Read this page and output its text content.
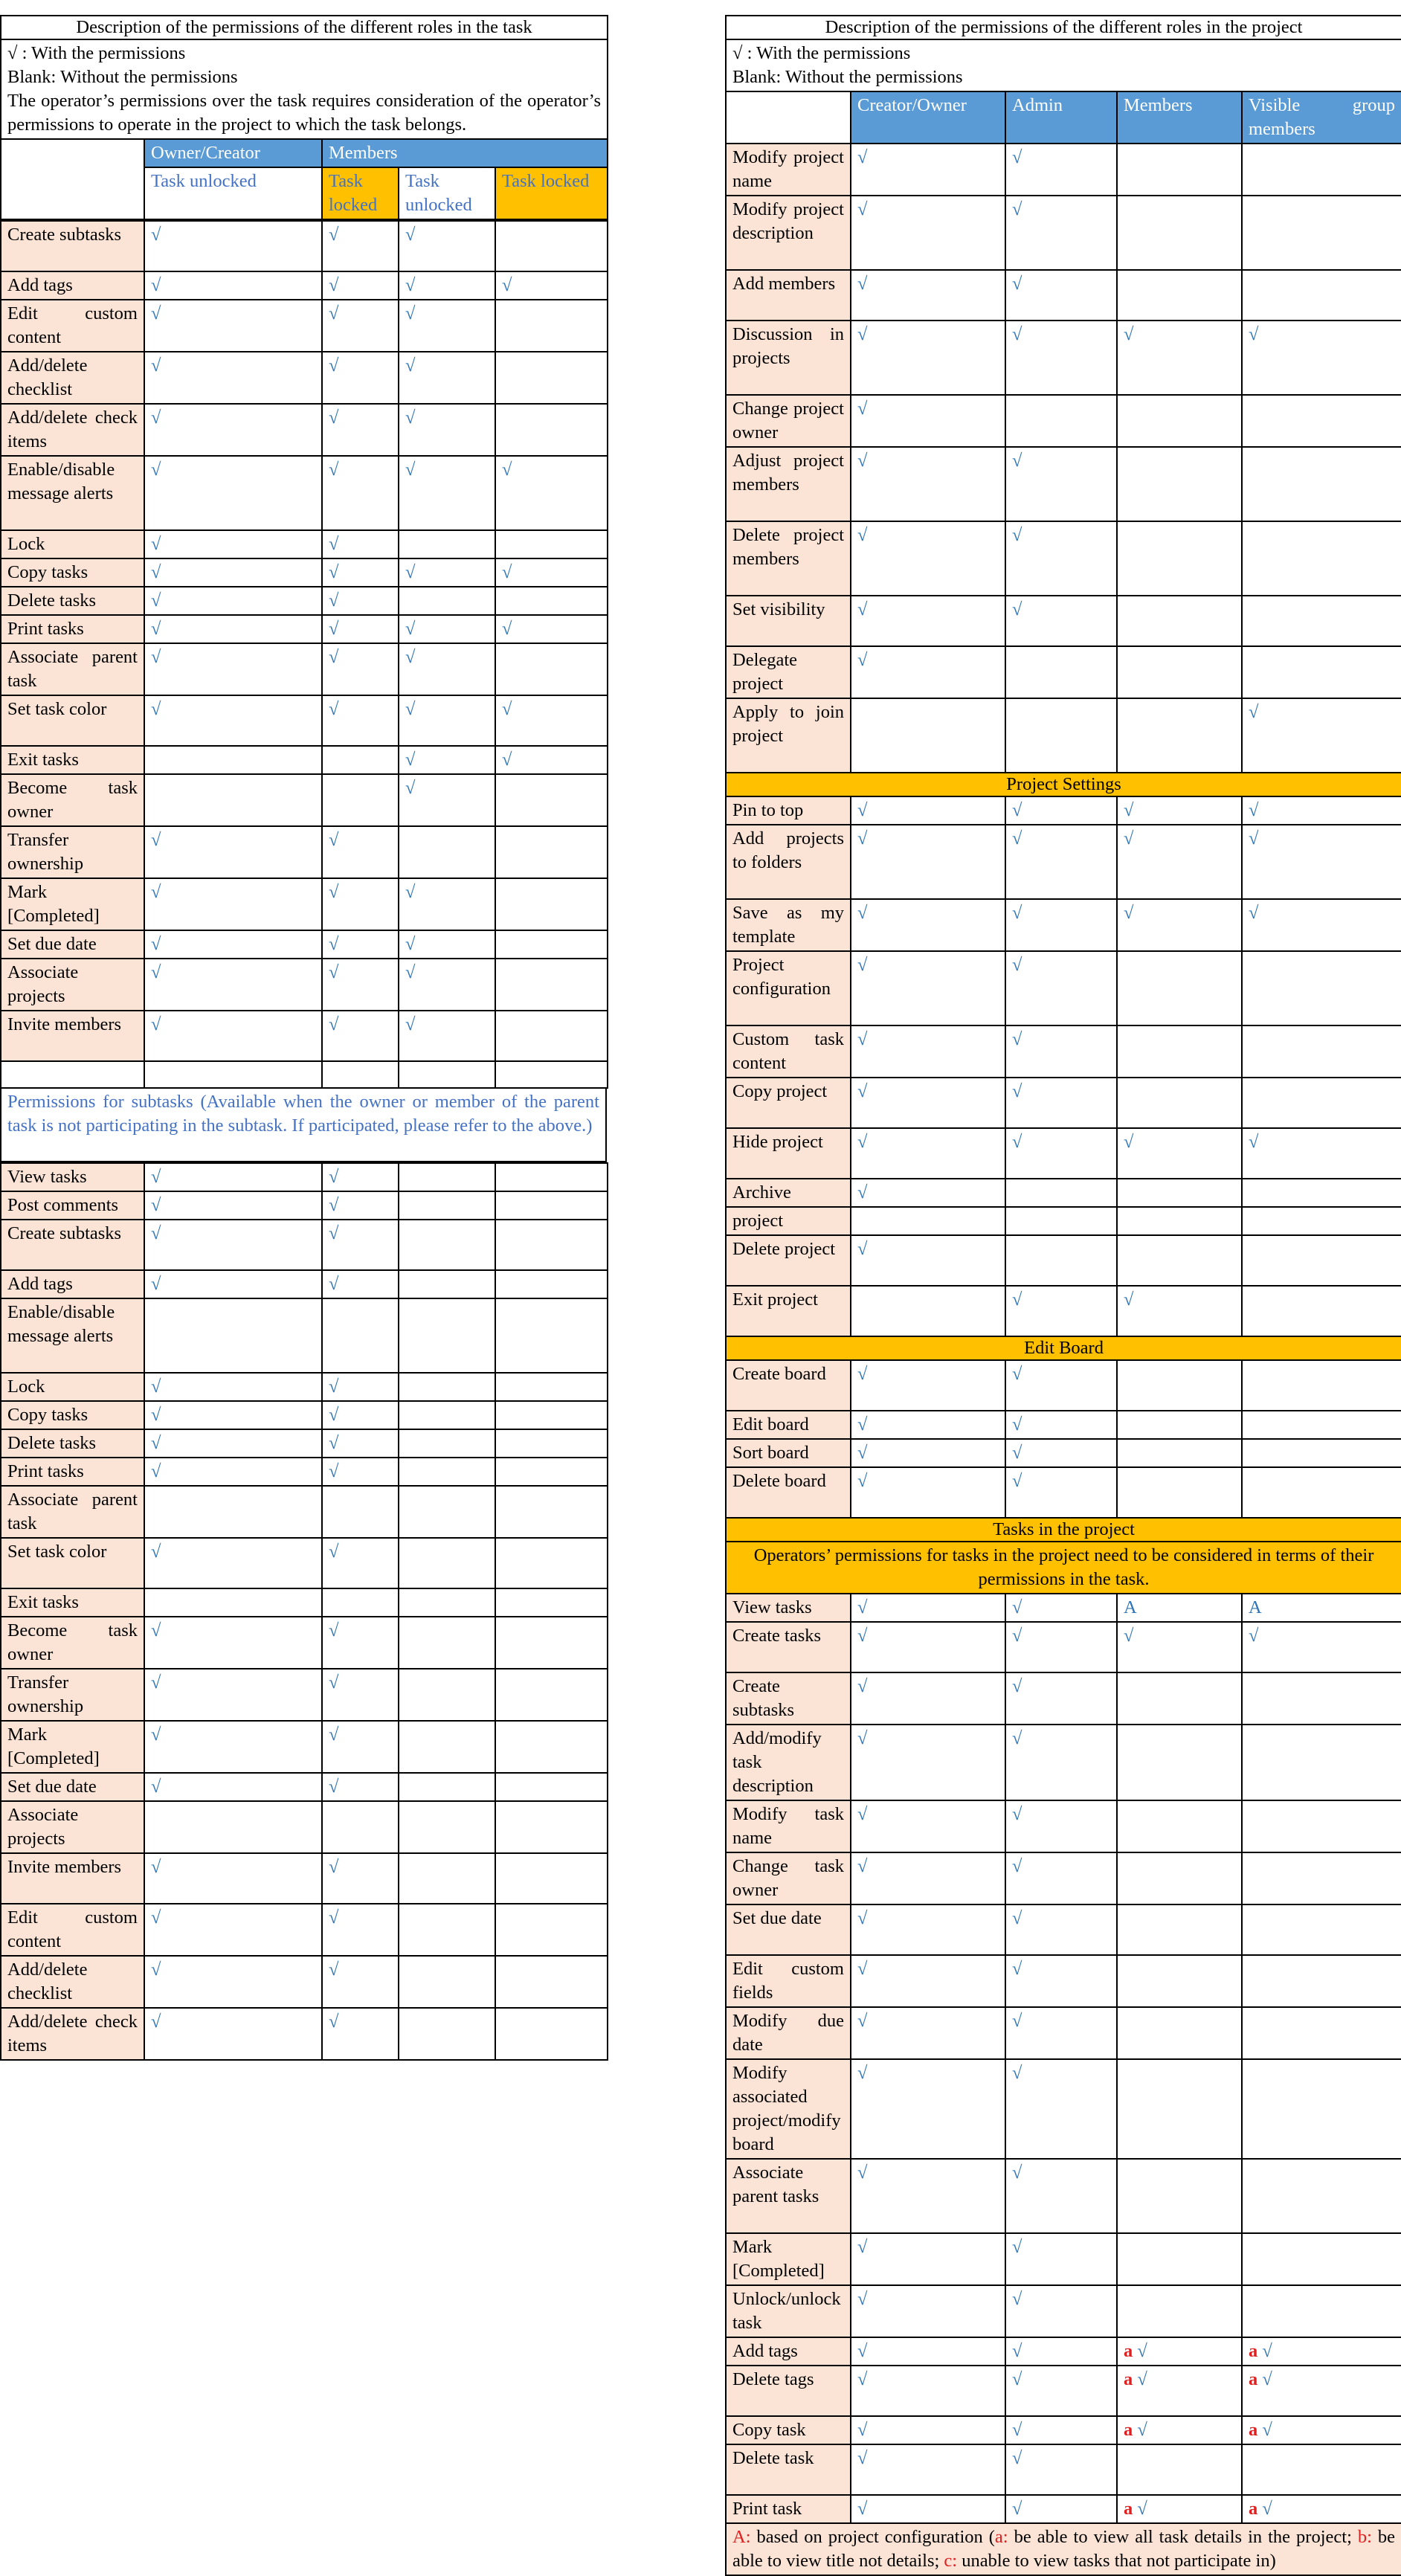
Description of the permissions of the different roles in the task				

√ : With the permissions
Blank: Without the permissions
The operator’s permissions over the task requires consideration of the operator’s permissions to operate in the project to which the task belongs.				

	Owner/Creator	Members		
	Task unlocked	Task locked	Task unlocked	Task locked
Create subtasks	√	√	√	
Add tags	√	√	√	√
Edit custom content	√	√	√	
Add/delete checklist	√	√	√	
Add/delete check items	√	√	√	
Enable/disable message alerts	√	√	√	√
Lock	√	√		
Copy tasks	√	√	√	√
Delete tasks	√	√		
Print tasks	√	√	√	√
Associate parent task	√	√	√	
Set task color	√	√	√	√
Exit tasks			√	√
Become task owner			√	
Transfer ownership	√	√		
Mark [Completed]	√	√	√	
Set due date	√	√	√	
Associate projects	√	√	√	
Invite members	√	√	√	

Permissions for subtasks (Available when the owner or member of the parent task is not participating in the subtask. If participated, please refer to the above.)
View tasks	√	√		
Post comments	√	√		
Create subtasks	√	√		
Add tags	√	√		
Enable/disable message alerts				
Lock	√	√		
Copy tasks	√	√		
Delete tasks	√	√		
Print tasks	√	√		
Associate parent task				
Set task color	√	√		
Exit tasks				
Become task owner	√	√		
Transfer ownership	√	√		
Mark [Completed]	√	√		
Set due date	√	√		
Associate projects				
Invite members	√	√		
Edit custom content	√	√		
Add/delete checklist	√	√		
Add/delete check items	√	√		
Description of the permissions of the different roles in the project				

√ : With the permissions
Blank: Without the permissions				

	Creator/Owner	Admin	Members	Visible group members
Modify project name	√	√		
Modify project description	√	√		
Add members	√	√		
Discussion in projects	√	√	√	√
Change project owner	√			
Adjust project members	√	√		
Delete project members	√	√		
Set visibility	√	√		
Delegate project	√			
Apply to join project				√
Project Settings				
Pin to top	√	√	√	√
Add projects to folders	√	√	√	√
Save as my template	√	√	√	√
Project configuration	√	√		
Custom task content	√	√		
Copy project	√	√		
Hide project	√	√	√	√
Archive	√			
project				
Delete project	√			
Exit project		√	√	
Edit Board				
Create board	√	√		
Edit board	√	√		
Sort board	√	√		
Delete board	√	√		
Tasks in the project				
Operators’ permissions for tasks in the project need to be considered in terms of their permissions in the task.				
View tasks	√	√	A	A
Create tasks	√	√	√	√
Create subtasks	√	√		
Add/modify task description	√	√		
Modify task name	√	√		
Change task owner	√	√		
Set due date	√	√		
Edit custom fields	√	√		
Modify due date	√	√		
Modify associated project/modify board	√	√		
Associate parent tasks	√	√		
Mark [Completed]	√	√		
Unlock/unlock task	√	√		
Add tags	√	√	a √	a √
Delete tags	√	√	a √	a √
Copy task	√	√	a √	a √
Delete task	√	√		
Print task	√	√	a √	a √
A: based on project configuration (a: be able to view all task details in the project; b: be able to view title not details; c: unable to view tasks that not participate in)				
